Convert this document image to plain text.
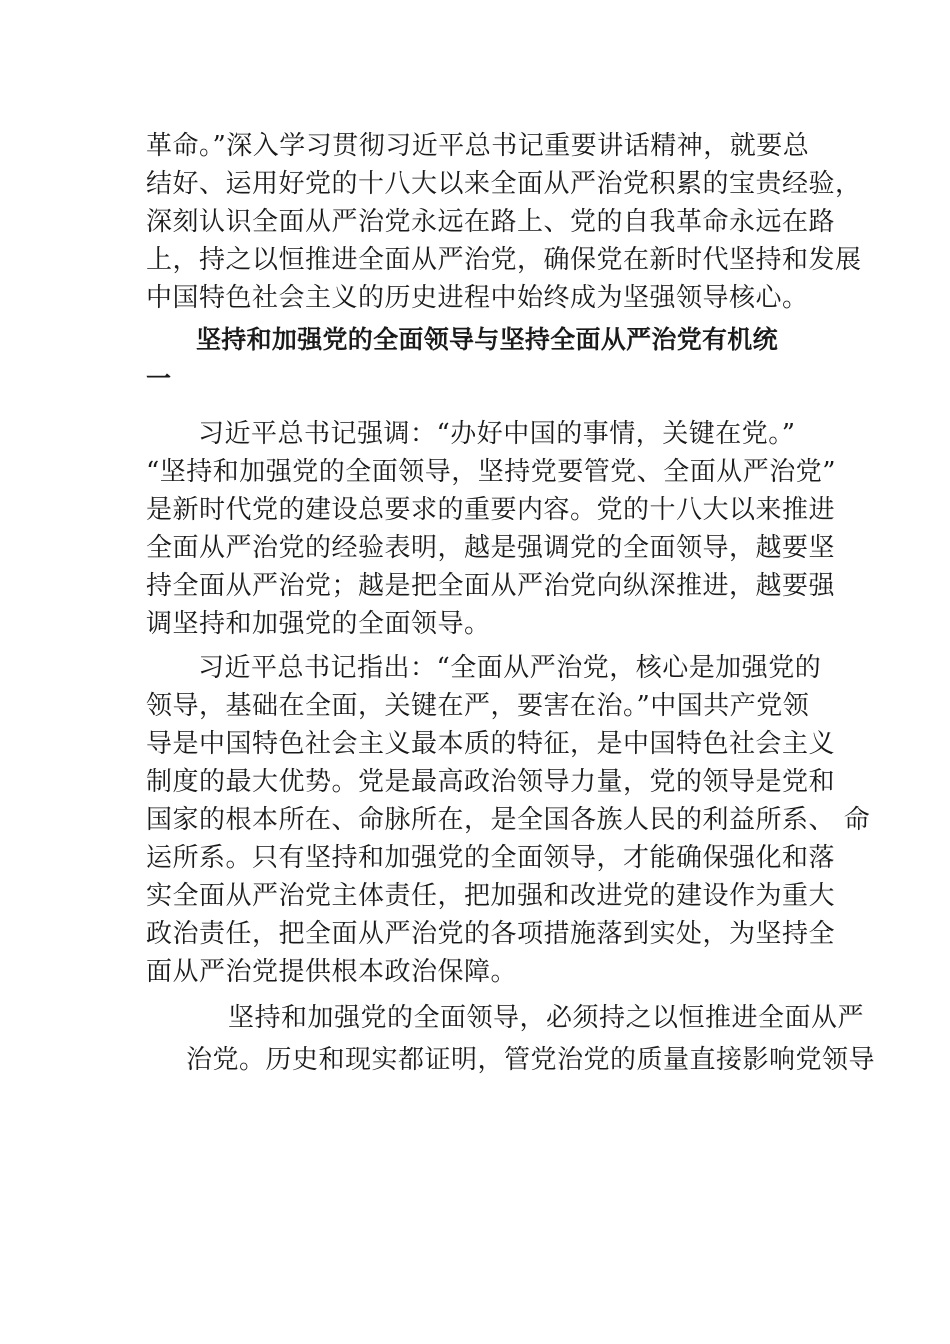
革命。”深入学习贯彻习近平总书记重要讲话精神，就要总
结好、运用好党的十八大以来全面从严治党积累的宝贵经验，
深刻认识全面从严治党永远在路上、党的自我革命永远在路
上，持之以恒推进全面从严治党，确保党在新时代坚持和发展
中国特色社会主义的历史进程中始终成为坚强领导核心。
坚持和加强党的全面领导与坚持全面从严治党有机统
一
习近平总书记强调：“办好中国的事情，关键在党。”
“坚持和加强党的全面领导，坚持党要管党、全面从严治党”
是新时代党的建设总要求的重要内容。党的十八大以来推进
全面从严治党的经验表明，越是强调党的全面领导，越要坚
持全面从严治党；越是把全面从严治党向纵深推进，越要强
调坚持和加强党的全面领导。
习近平总书记指出：“全面从严治党，核心是加强党的
领导，基础在全面，关键在严，要害在治。”中国共产党领
导是中国特色社会主义最本质的特征，是中国特色社会主义
制度的最大优势。党是最高政治领导力量，党的领导是党和
国家的根本所在、命脉所在，是全国各族人民的利益所系、 命
运所系。只有坚持和加强党的全面领导，才能确保强化和落
实全面从严治党主体责任，把加强和改进党的建设作为重大
政治责任，把全面从严治党的各项措施落到实处，为坚持全
面从严治党提供根本政治保障。
坚持和加强党的全面领导，必须持之以恒推进全面从严
治党。历史和现实都证明，管党治党的质量直接影响党领导
